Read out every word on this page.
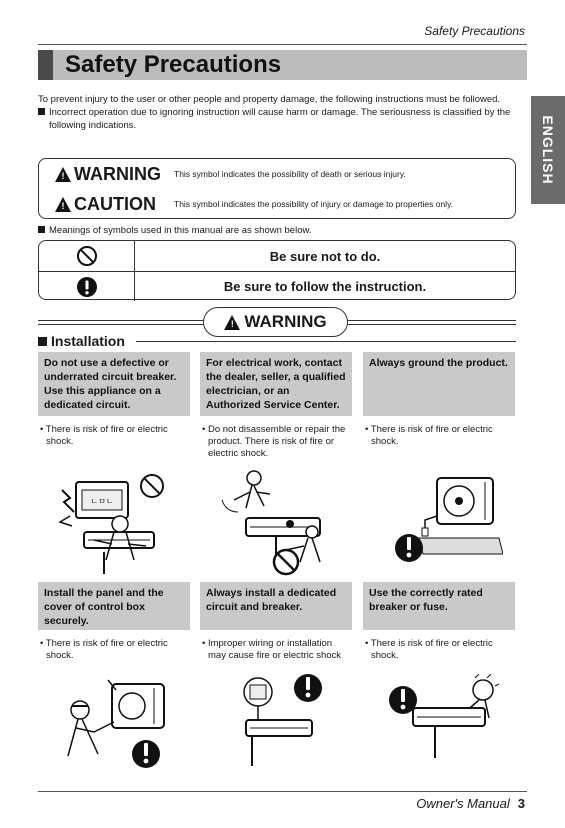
Safety Precautions
Safety Precautions
ENGLISH

To prevent injury to the user or other people and property damage, the following instructions must be followed.

Incorrect operation due to ignoring instruction will cause harm or damage. The seriousness is classified by the following indications.

! WARNING This symbol indicates the possibility of death or serious injury.
! CAUTION This symbol indicates the possibility of injury or damage to properties only.
Meanings of symbols used in this manual are as shown below.
Be sure not to do.
Be sure to follow the instruction.
! WARNING
Installation
Do not use a defective or underrated circuit breaker. Use this appliance on a dedicated circuit.
• There is risk of fire or electric shock.
ㄴㅁㄴ
For electrical work, contact the dealer, seller, a qualified electrician, or an Authorized Service Center.
• Do not disassemble or repair the product. There is risk of fire or electric shock.
Always ground the product.
• There is risk of fire or electric shock.
Install the panel and the cover of control box securely.
• There is risk of fire or electric shock.
Always install a dedicated circuit and breaker.
• Improper wiring or installation may cause fire or electric shock
Use the correctly rated breaker or fuse.
• There is risk of fire or electric shock.
Owner's Manual 3
